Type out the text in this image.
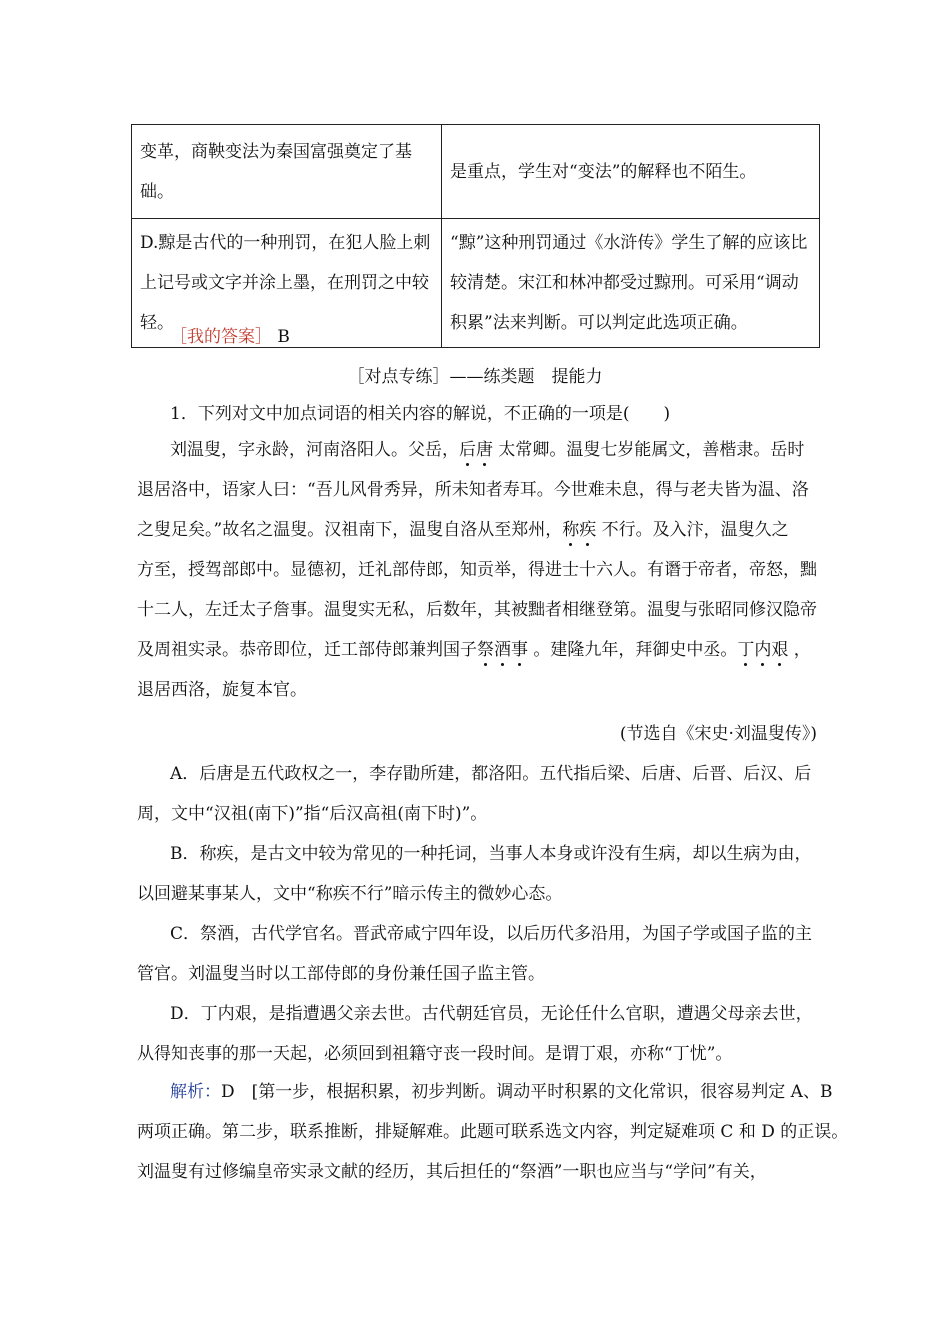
变革，商鞅变法为秦国富强奠定了基础。	是重点，学生对“变法”的解释也不陌生。
D.黥是古代的一种刑罚，在犯人脸上刺上记号或文字并涂上墨，在刑罚之中较轻。	“黥”这种刑罚通过《水浒传》学生了解的应该比较清楚。宋江和林冲都受过黥刑。可采用“调动积累”法来判断。可以判定此选项正确。
［我的答案］ B
［对点专练］——练类题　提能力
1．下列对文中加点词语的相关内容的解说，不正确的一项是(　　)
刘温叟，字永龄，河南洛阳人。父岳，后唐 太常卿。温叟七岁能属文，善楷隶。岳时
退居洛中，语家人曰：“吾儿风骨秀异，所未知者寿耳。今世难未息，得与老夫皆为温、洛
之叟足矣。”故名之温叟。汉祖南下，温叟自洛从至郑州，称疾 不行。及入汴，温叟久之
方至，授驾部郎中。显德初，迁礼部侍郎，知贡举，得进士十六人。有谮于帝者，帝怒，黜
十二人，左迁太子詹事。温叟实无私，后数年，其被黜者相继登第。温叟与张昭同修汉隐帝
及周祖实录。恭帝即位，迁工部侍郎兼判国子祭酒事 。建隆九年，拜御史中丞。丁内艰 ，
退居西洛，旋复本官。
(节选自《宋史·刘温叟传》)
A．后唐是五代政权之一，李存勖所建，都洛阳。五代指后梁、后唐、后晋、后汉、后
周，文中“汉祖(南下)”指“后汉高祖(南下时)”。
B．称疾，是古文中较为常见的一种托词，当事人本身或许没有生病，却以生病为由，
以回避某事某人，文中“称疾不行”暗示传主的微妙心态。
C．祭酒，古代学官名。晋武帝咸宁四年设，以后历代多沿用，为国子学或国子监的主
管官。刘温叟当时以工部侍郎的身份兼任国子监主管。
D．丁内艰，是指遭遇父亲去世。古代朝廷官员，无论任什么官职，遭遇父母亲去世，
从得知丧事的那一天起，必须回到祖籍守丧一段时间。是谓丁艰，亦称“丁忧”。
解析：D　[第一步，根据积累，初步判断。调动平时积累的文化常识，很容易判定 A、B
两项正确。第二步，联系推断，排疑解难。此题可联系选文内容，判定疑难项 C 和 D 的正误。
刘温叟有过修编皇帝实录文献的经历，其后担任的“祭酒”一职也应当与“学问”有关，
